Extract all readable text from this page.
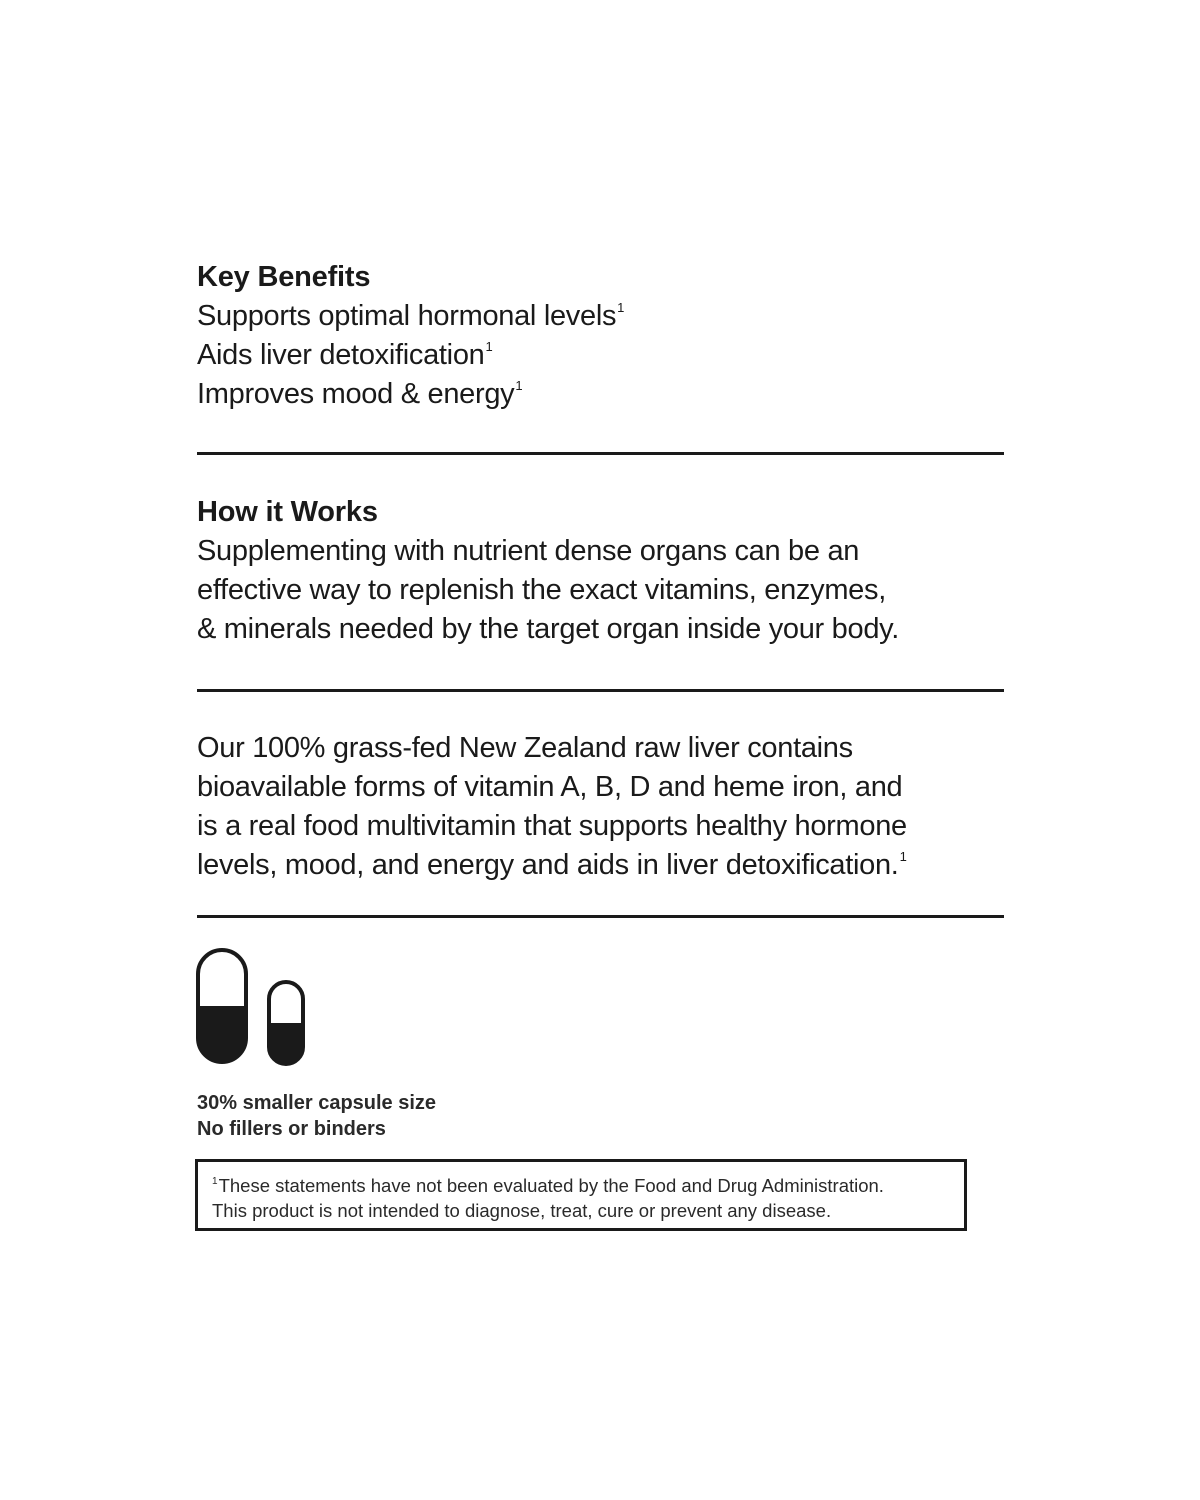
Key Benefits

Supports optimal hormonal levels$^1$

Aids liver detoxification$^1$

Improves mood & energy$^1$

How it Works

Supplementing with nutrient dense organs can be an

effective way to replenish the exact vitamins, enzymes,

& minerals needed by the target organ inside your body.

Our 100% grass-fed New Zealand raw liver contains

bioavailable forms of vitamin A, B, D and heme iron, and

is a real food multivitamin that supports healthy hormone

levels, mood, and energy and aids in liver detoxification.$^1$

30% smaller capsule size

No fillers or binders

$^1$These statements have not been evaluated by the Food and Drug Administration.
This product is not intended to diagnose, treat, cure or prevent any disease.
